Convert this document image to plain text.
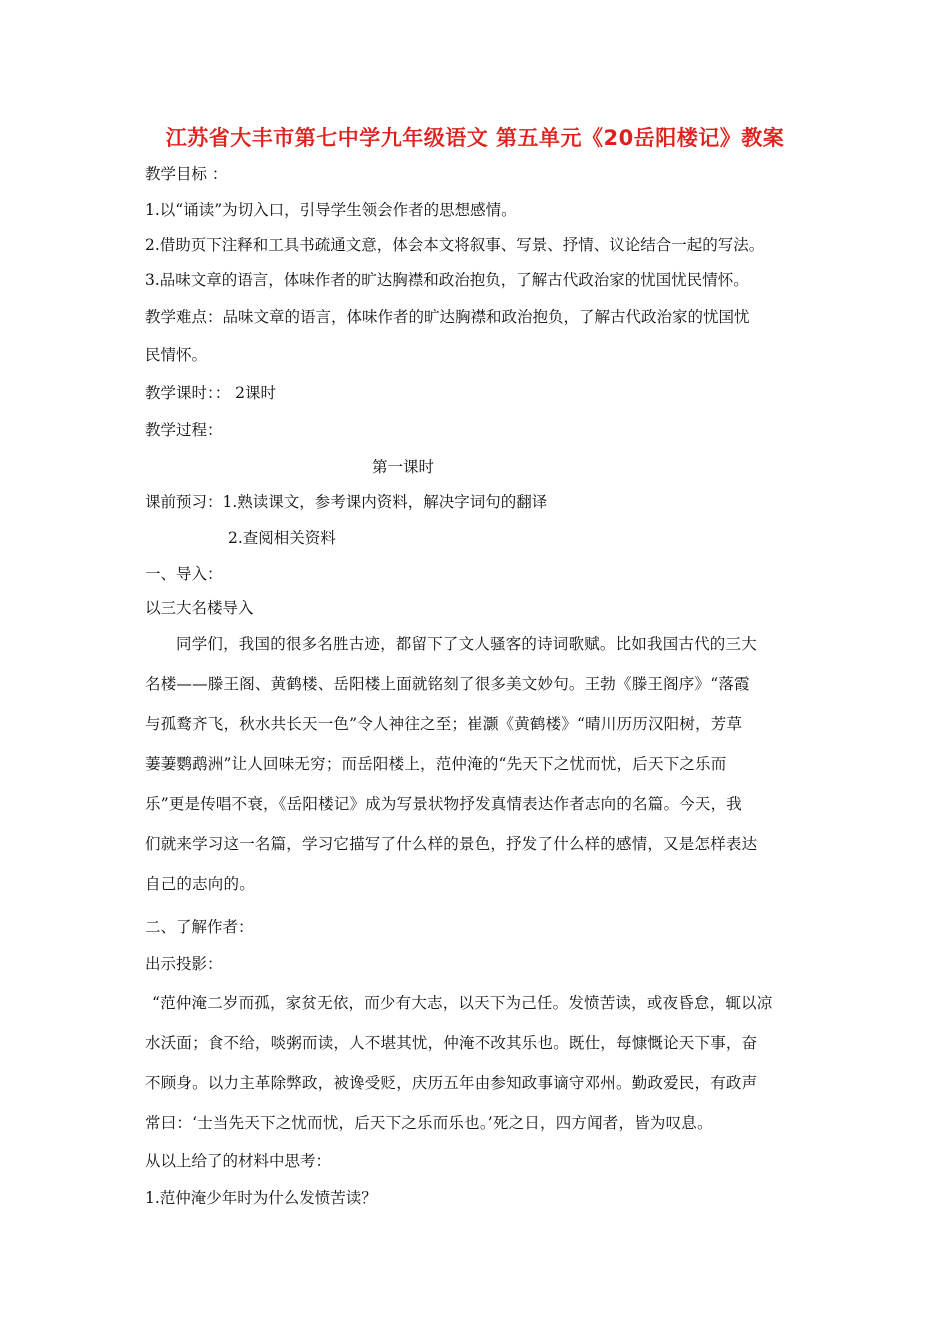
江苏省大丰市第七中学九年级语文 第五单元《20岳阳楼记》教案
教学目标 ：
1.以“诵读”为切入口，引导学生领会作者的思想感情。
2.借助页下注释和工具书疏通文意，体会本文将叙事、写景、抒情、议论结合一起的写法。
3.品味文章的语言，体味作者的旷达胸襟和政治抱负，了解古代政治家的忧国忧民情怀。
教学难点：品味文章的语言，体味作者的旷达胸襟和政治抱负，了解古代政治家的忧国忧
民情怀。
教学课时：： 2课时
教学过程：
第一课时
课前预习：1.熟读课文，参考课内资料，解决字词句的翻译
2.查阅相关资料
一、导入：
以三大名楼导入
同学们，我国的很多名胜古迹，都留下了文人骚客的诗词歌赋。比如我国古代的三大
名楼——滕王阁、黄鹤楼、岳阳楼上面就铭刻了很多美文妙句。王勃《滕王阁序》“落霞
与孤鹜齐飞，秋水共长天一色”令人神往之至；崔灏《黄鹤楼》“晴川历历汉阳树，芳草
萋萋鹦鹉洲”让人回味无穷；而岳阳楼上，范仲淹的“先天下之忧而忧，后天下之乐而
乐”更是传唱不衰，《岳阳楼记》成为写景状物抒发真情表达作者志向的名篇。今天，我
们就来学习这一名篇，学习它描写了什么样的景色，抒发了什么样的感情，又是怎样表达
自己的志向的。
二、了解作者：
出示投影：
“范仲淹二岁而孤，家贫无依，而少有大志，以天下为己任。发愤苦读，或夜昏怠，辄以凉
水沃面；食不给，啖粥而读，人不堪其忧，仲淹不改其乐也。既仕，每慷慨论天下事，奋
不顾身。以力主革除弊政，被谗受贬，庆历五年由参知政事谪守邓州。勤政爱民，有政声
常曰：‘士当先天下之忧而忧，后天下之乐而乐也。’死之日，四方闻者，皆为叹息。
从以上给了的材料中思考：
1.范仲淹少年时为什么发愤苦读？
